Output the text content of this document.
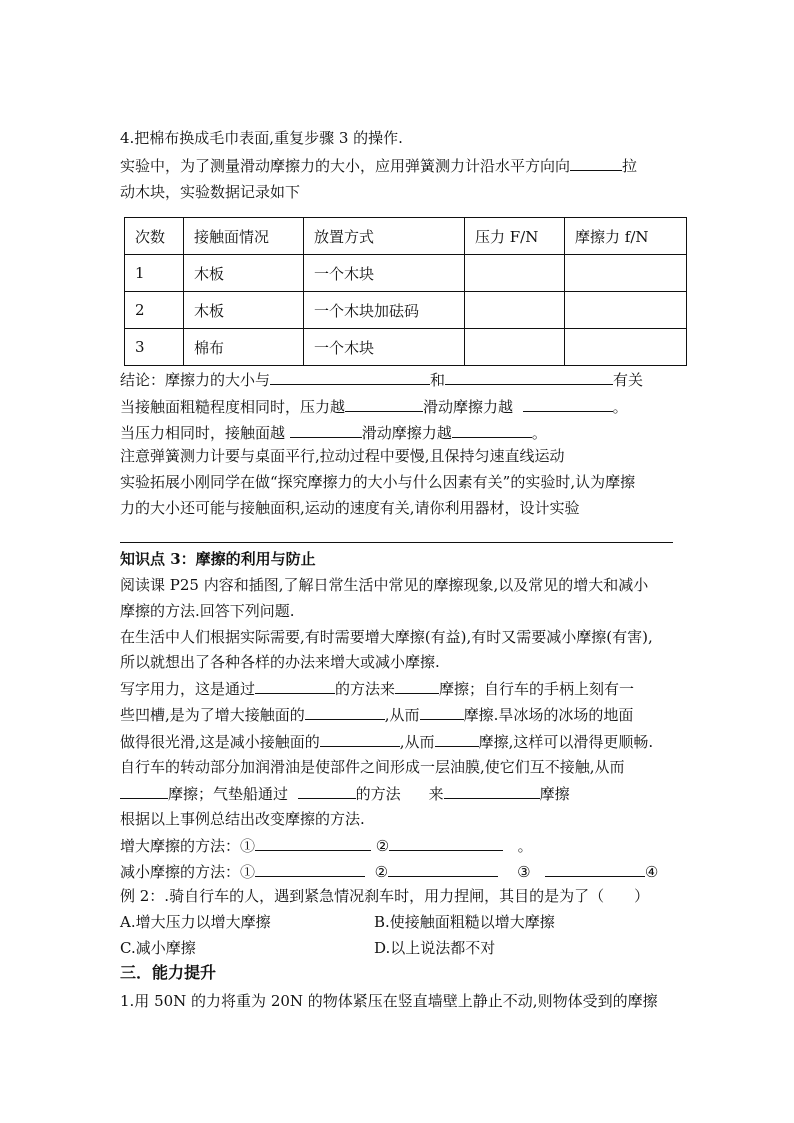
4.把棉布换成毛巾表面,重复步骤 3 的操作.
实验中，为了测量滑动摩擦力的大小，应用弹簧测力计沿水平方向向	拉
动木块，实验数据记录如下
次数	接触面情况	放置方式	压力 F/N	摩擦力 f/N
1	木板	一个木块		
2	木板	一个木块加砝码		
3	棉布	一个木块		
结论：摩擦力的大小与	和	有关
当接触面粗糙程度相同时，压力越	滑动摩擦力越	。
当压力相同时，接触面越	滑动摩擦力越	。
注意弹簧测力计要与桌面平行,拉动过程中要慢,且保持匀速直线运动
实验拓展小刚同学在做“探究摩擦力的大小与什么因素有关”的实验时,认为摩擦
力的大小还可能与接触面积,运动的速度有关,请你利用器材，设计实验
知识点 3：摩擦的利用与防止
阅读课 P25 内容和插图,了解日常生活中常见的摩擦现象,以及常见的增大和减小
摩擦的方法.回答下列问题.
在生活中人们根据实际需要,有时需要增大摩擦(有益),有时又需要减小摩擦(有害),
所以就想出了各种各样的办法来增大或减小摩擦.
写字用力，这是通过	的方法来	摩擦；自行车的手柄上刻有一
些凹槽,是为了增大接触面的	,从而	摩擦.旱冰场的冰场的地面
做得很光滑,这是减小接触面的	,从而	摩擦,这样可以滑得更顺畅.
自行车的转动部分加润滑油是使部件之间形成一层油膜,使它们互不接触,从而
摩擦；气垫船通过	的方法 来	摩擦
根据以上事例总结出改变摩擦的方法.
增大摩擦的方法：①	②	。
减小摩擦的方法：①	②	③	④
例 2：.骑自行车的人，遇到紧急情况刹车时，用力捏闸，其目的是为了（　　）
A.增大压力以增大摩擦	B.使接触面粗糙以增大摩擦
C.减小摩擦	D.以上说法都不对
三．能力提升
1.用 50N 的力将重为 20N 的物体紧压在竖直墙壁上静止不动,则物体受到的摩擦
